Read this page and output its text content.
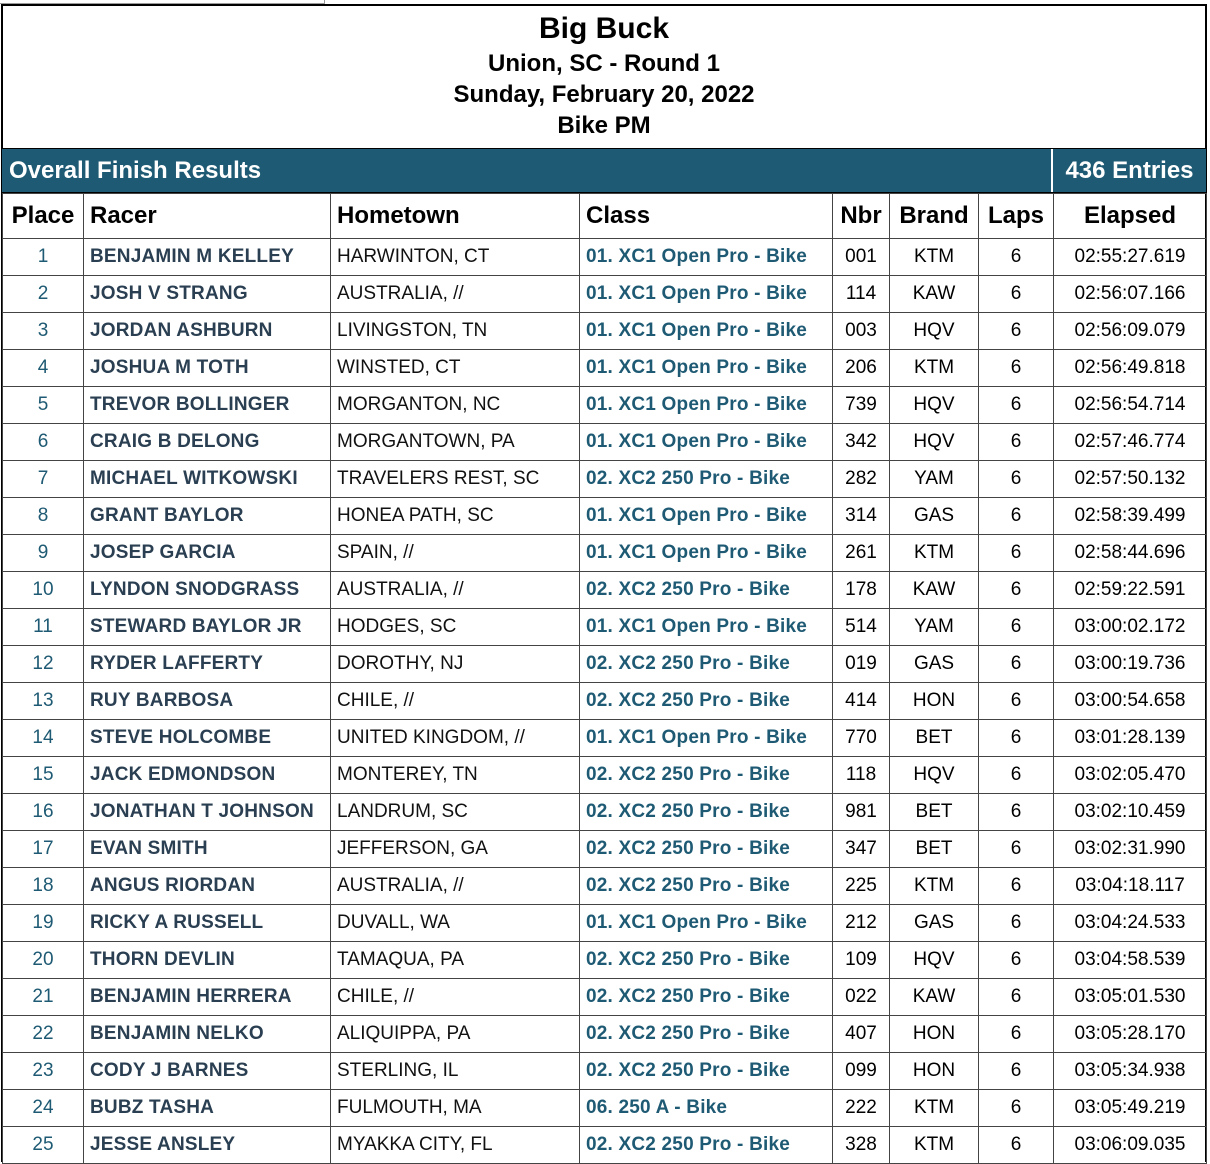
Big Buck
Union, SC - Round 1
Sunday, February 20, 2022
Bike PM
Overall Finish Results	436 Entries
Place	Racer	Hometown	Class	Nbr	Brand	Laps	Elapsed
1	BENJAMIN M KELLEY	HARWINTON, CT	01. XC1 Open Pro - Bike	001	KTM	6	02:55:27.619
2	JOSH V STRANG	AUSTRALIA, //	01. XC1 Open Pro - Bike	114	KAW	6	02:56:07.166
3	JORDAN ASHBURN	LIVINGSTON, TN	01. XC1 Open Pro - Bike	003	HQV	6	02:56:09.079
4	JOSHUA M TOTH	WINSTED, CT	01. XC1 Open Pro - Bike	206	KTM	6	02:56:49.818
5	TREVOR BOLLINGER	MORGANTON, NC	01. XC1 Open Pro - Bike	739	HQV	6	02:56:54.714
6	CRAIG B DELONG	MORGANTOWN, PA	01. XC1 Open Pro - Bike	342	HQV	6	02:57:46.774
7	MICHAEL WITKOWSKI	TRAVELERS REST, SC	02. XC2 250 Pro - Bike	282	YAM	6	02:57:50.132
8	GRANT BAYLOR	HONEA PATH, SC	01. XC1 Open Pro - Bike	314	GAS	6	02:58:39.499
9	JOSEP GARCIA	SPAIN, //	01. XC1 Open Pro - Bike	261	KTM	6	02:58:44.696
10	LYNDON SNODGRASS	AUSTRALIA, //	02. XC2 250 Pro - Bike	178	KAW	6	02:59:22.591
11	STEWARD BAYLOR JR	HODGES, SC	01. XC1 Open Pro - Bike	514	YAM	6	03:00:02.172
12	RYDER LAFFERTY	DOROTHY, NJ	02. XC2 250 Pro - Bike	019	GAS	6	03:00:19.736
13	RUY BARBOSA	CHILE, //	02. XC2 250 Pro - Bike	414	HON	6	03:00:54.658
14	STEVE HOLCOMBE	UNITED KINGDOM, //	01. XC1 Open Pro - Bike	770	BET	6	03:01:28.139
15	JACK EDMONDSON	MONTEREY, TN	02. XC2 250 Pro - Bike	118	HQV	6	03:02:05.470
16	JONATHAN T JOHNSON	LANDRUM, SC	02. XC2 250 Pro - Bike	981	BET	6	03:02:10.459
17	EVAN SMITH	JEFFERSON, GA	02. XC2 250 Pro - Bike	347	BET	6	03:02:31.990
18	ANGUS RIORDAN	AUSTRALIA, //	02. XC2 250 Pro - Bike	225	KTM	6	03:04:18.117
19	RICKY A RUSSELL	DUVALL, WA	01. XC1 Open Pro - Bike	212	GAS	6	03:04:24.533
20	THORN DEVLIN	TAMAQUA, PA	02. XC2 250 Pro - Bike	109	HQV	6	03:04:58.539
21	BENJAMIN HERRERA	CHILE, //	02. XC2 250 Pro - Bike	022	KAW	6	03:05:01.530
22	BENJAMIN NELKO	ALIQUIPPA, PA	02. XC2 250 Pro - Bike	407	HON	6	03:05:28.170
23	CODY J BARNES	STERLING, IL	02. XC2 250 Pro - Bike	099	HON	6	03:05:34.938
24	BUBZ TASHA	FULMOUTH, MA	06. 250 A - Bike	222	KTM	6	03:05:49.219
25	JESSE ANSLEY	MYAKKA CITY, FL	02. XC2 250 Pro - Bike	328	KTM	6	03:06:09.035
